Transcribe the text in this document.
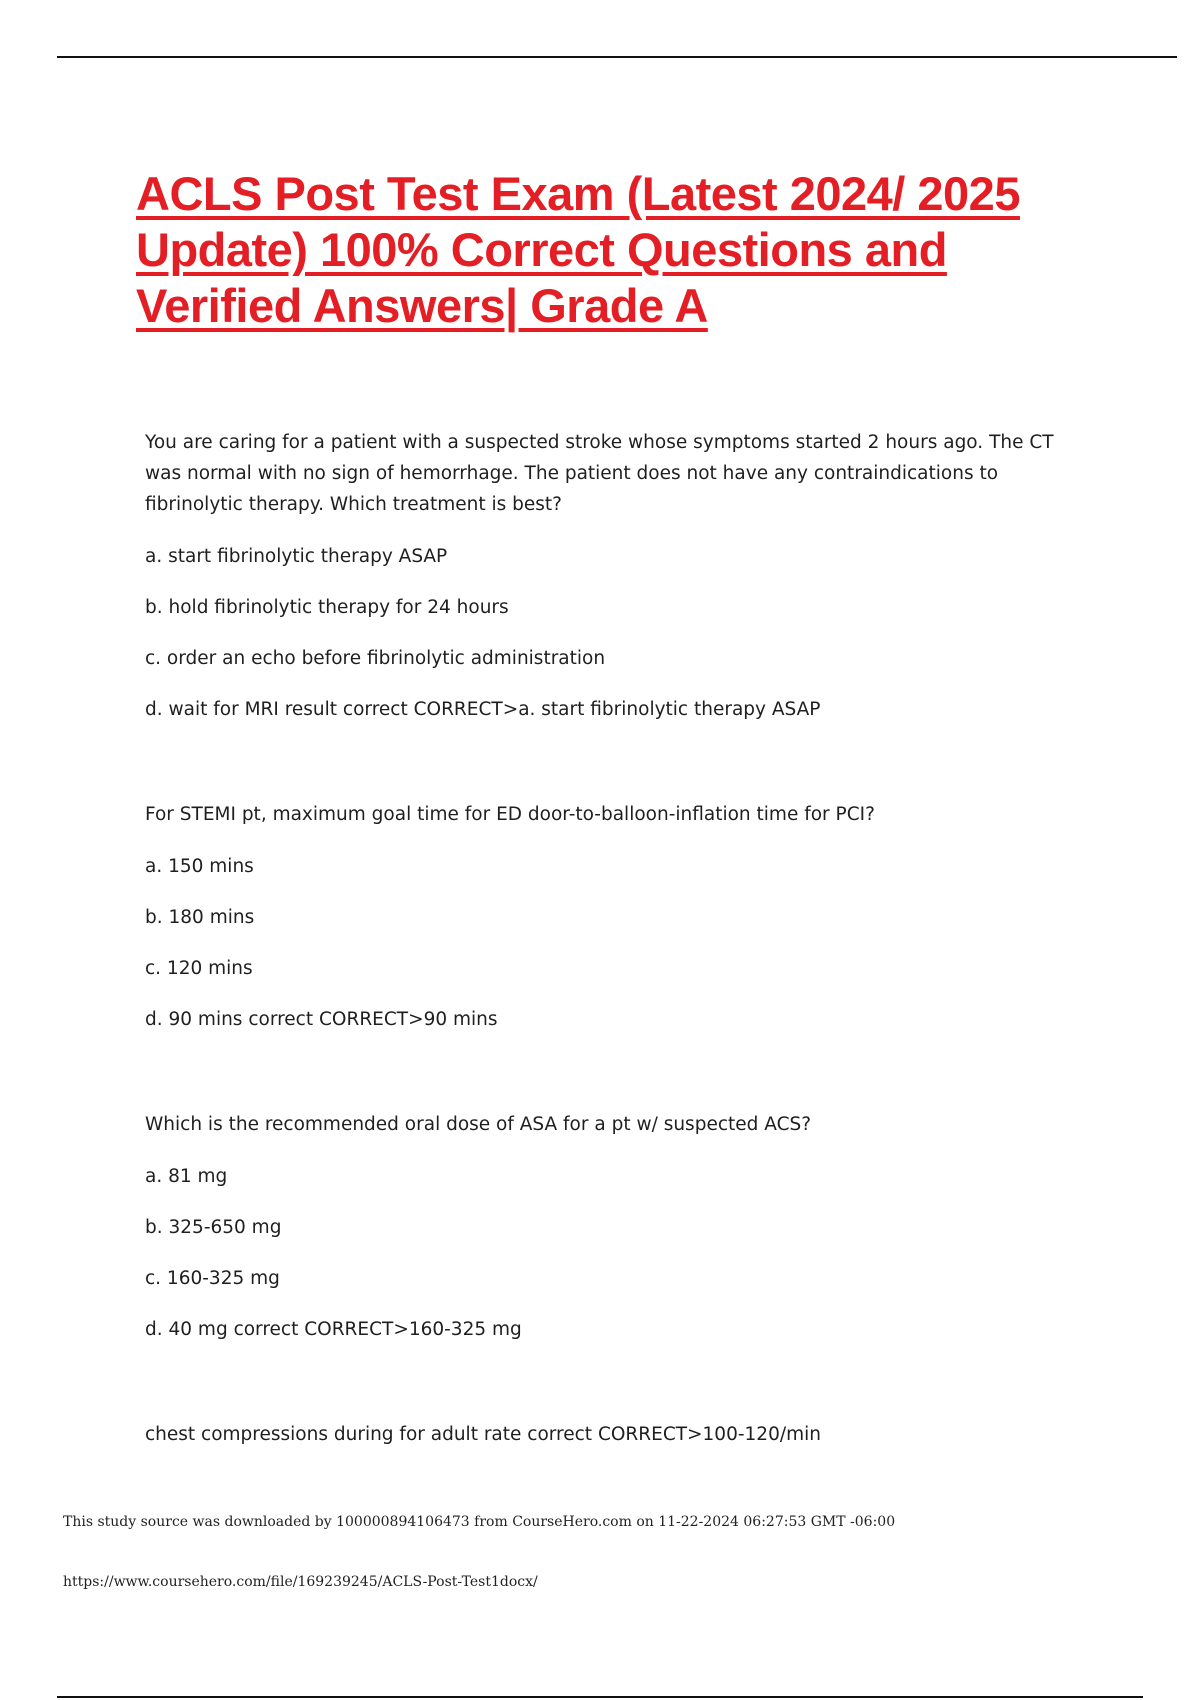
ACLS Post Test Exam (Latest 2024/ 2025
Update) 100% Correct Questions and
Verified Answers| Grade A

You are caring for a patient with a suspected stroke whose symptoms started 2 hours ago. The CT was normal with no sign of hemorrhage. The patient does not have any contraindications to fibrinolytic therapy. Which treatment is best?

a. start fibrinolytic therapy ASAP

b. hold fibrinolytic therapy for 24 hours

c. order an echo before fibrinolytic administration

d. wait for MRI result correct CORRECT>a. start fibrinolytic therapy ASAP

For STEMI pt, maximum goal time for ED door-to-balloon-inflation time for PCI?

a. 150 mins

b. 180 mins

c. 120 mins

d. 90 mins correct CORRECT>90 mins

Which is the recommended oral dose of ASA for a pt w/ suspected ACS?

a. 81 mg

b. 325-650 mg

c. 160-325 mg

d. 40 mg correct CORRECT>160-325 mg

chest compressions during for adult rate correct CORRECT>100-120/min

This study source was downloaded by 100000894106473 from CourseHero.com on 11-22-2024 06:27:53 GMT -06:00
https://www.coursehero.com/file/169239245/ACLS-Post-Test1docx/
